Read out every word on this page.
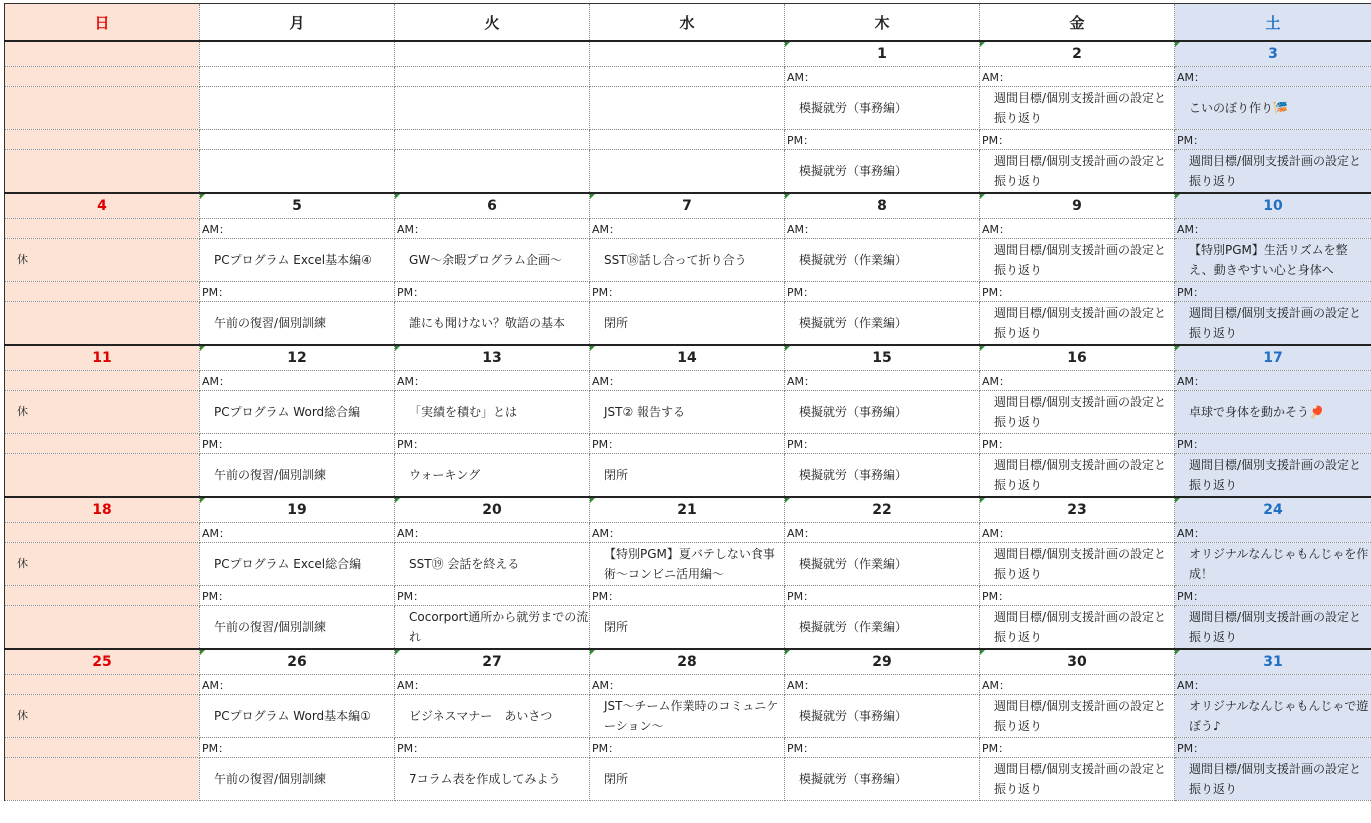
日	月	火	水	木	金	土
				1	2	3
				AM：	AM：	AM：
				模擬就労（事務編）	週間目標/個別支援計画の設定と振り返り	こいのぼり作り🎏
				PM：	PM：	PM：
				模擬就労（事務編）	週間目標/個別支援計画の設定と振り返り	週間目標/個別支援計画の設定と振り返り
4	5	6	7	8	9	10
	AM：	AM：	AM：	AM：	AM：	AM：
休	PCプログラム Excel基本編④	GW～余暇プログラム企画～	SST⑱話し合って折り合う	模擬就労（作業編）	週間目標/個別支援計画の設定と振り返り	【特別PGM】生活リズムを整え、動きやすい心と身体へ
	PM：	PM：	PM：	PM：	PM：	PM：
	午前の復習/個別訓練	誰にも聞けない？敬語の基本	閉所	模擬就労（作業編）	週間目標/個別支援計画の設定と振り返り	週間目標/個別支援計画の設定と振り返り
11	12	13	14	15	16	17
	AM：	AM：	AM：	AM：	AM：	AM：
休	PCプログラム Word総合編	「実績を積む」とは	JST② 報告する	模擬就労（事務編）	週間目標/個別支援計画の設定と振り返り	卓球で身体を動かそう🏓
	PM：	PM：	PM：	PM：	PM：	PM：
	午前の復習/個別訓練	ウォーキング	閉所	模擬就労（事務編）	週間目標/個別支援計画の設定と振り返り	週間目標/個別支援計画の設定と振り返り
18	19	20	21	22	23	24
	AM：	AM：	AM：	AM：	AM：	AM：
休	PCプログラム Excel総合編	SST⑲ 会話を終える	【特別PGM】夏バテしない食事術～コンビニ活用編～	模擬就労（作業編）	週間目標/個別支援計画の設定と振り返り	オリジナルなんじゃもんじゃを作成！
	PM：	PM：	PM：	PM：	PM：	PM：
	午前の復習/個別訓練	Cocorport通所から就労までの流れ	閉所	模擬就労（作業編）	週間目標/個別支援計画の設定と振り返り	週間目標/個別支援計画の設定と振り返り
25	26	27	28	29	30	31
	AM：	AM：	AM：	AM：	AM：	AM：
休	PCプログラム Word基本編①	ビジネスマナー　あいさつ	JST～チーム作業時のコミュニケーション～	模擬就労（事務編）	週間目標/個別支援計画の設定と振り返り	オリジナルなんじゃもんじゃで遊ぼう♪
	PM：	PM：	PM：	PM：	PM：	PM：
	午前の復習/個別訓練	7コラム表を作成してみよう	閉所	模擬就労（事務編）	週間目標/個別支援計画の設定と振り返り	週間目標/個別支援計画の設定と振り返り
